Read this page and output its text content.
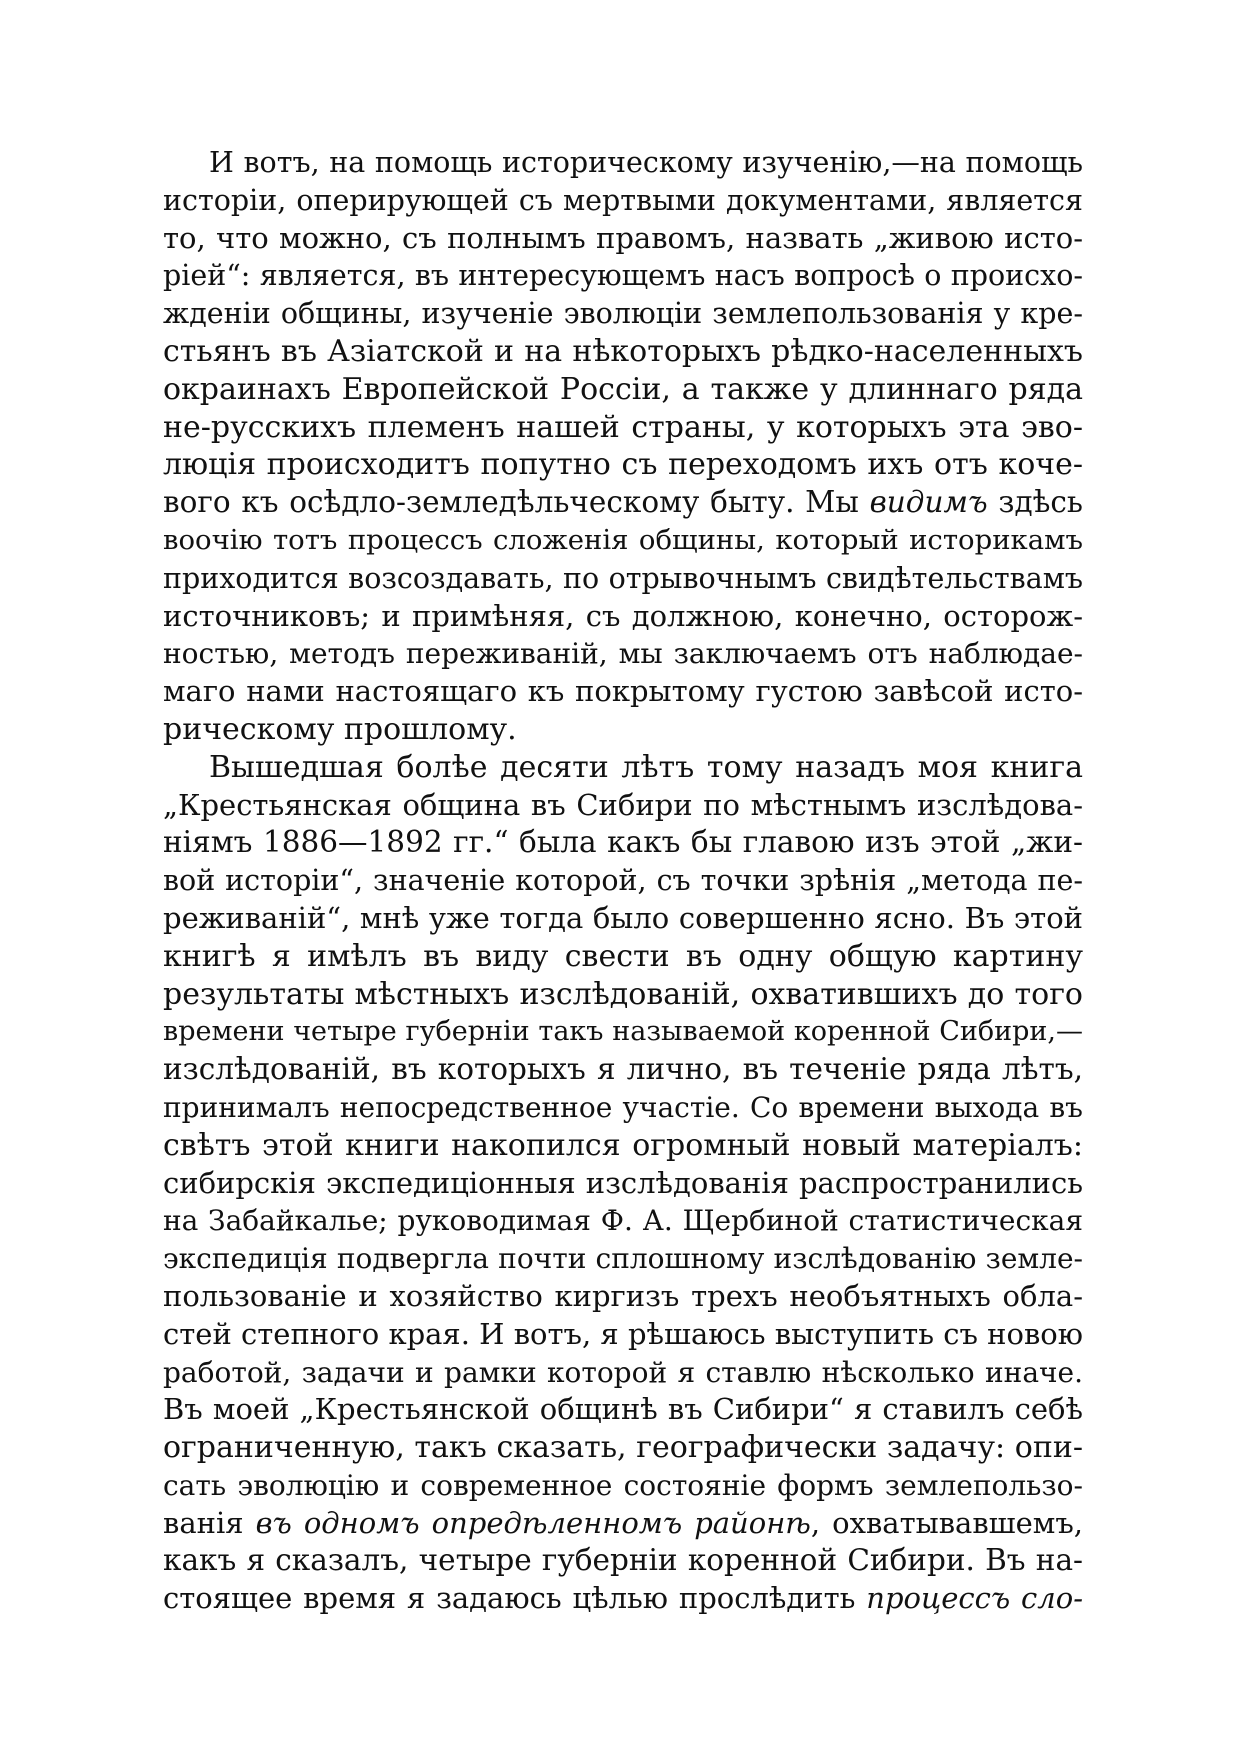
И вотъ, на помощь историческому изученію,—на помощь
исторіи, оперирующей съ мертвыми документами, является
то, что можно, съ полнымъ правомъ, назвать „живою исто-
ріей“: является, въ интересующемъ насъ вопросѣ о происхо-
жденіи общины, изученіе эволюціи землепользованія у кре-
стьянъ въ Азіатской и на нѣкоторыхъ рѣдко-населенныхъ
окраинахъ Европейской Россіи, а также у длиннаго ряда
не-русскихъ племенъ нашей страны, у которыхъ эта эво-
люція происходитъ попутно съ переходомъ ихъ отъ коче-
вого къ осѣдло-земледѣльческому быту. Мы видимъ здѣсь
воочію тотъ процессъ сложенія общины, который историкамъ
приходится возсоздавать, по отрывочнымъ свидѣтельствамъ
источниковъ; и примѣняя, съ должною, конечно, осторож-
ностью, методъ переживаній, мы заключаемъ отъ наблюдае-
маго нами настоящаго къ покрытому густою завѣсой исто-
рическому прошлому.
Вышедшая болѣе десяти лѣтъ тому назадъ моя книга
„Крестьянская община въ Сибири по мѣстнымъ изслѣдова-
ніямъ 1886—1892 гг.“ была какъ бы главою изъ этой „жи-
вой исторіи“, значеніе которой, съ точки зрѣнія „метода пе-
реживаній“, мнѣ уже тогда было совершенно ясно. Въ этой
книгѣ я имѣлъ въ виду свести въ одну общую картину
результаты мѣстныхъ изслѣдованій, охватившихъ до того
времени четыре губерніи такъ называемой коренной Сибири,—
изслѣдованій, въ которыхъ я лично, въ теченіе ряда лѣтъ,
принималъ непосредственное участіе. Со времени выхода въ
свѣтъ этой книги накопился огромный новый матеріалъ:
сибирскія экспедиціонныя изслѣдованія распространились
на Забайкалье; руководимая Ф. А. Щербиной статистическая
экспедиція подвергла почти сплошному изслѣдованію земле-
пользованіе и хозяйство киргизъ трехъ необъятныхъ обла-
стей степного края. И вотъ, я рѣшаюсь выступить съ новою
работой, задачи и рамки которой я ставлю нѣсколько иначе.
Въ моей „Крестьянской общинѣ въ Сибири“ я ставилъ себѣ
ограниченную, такъ сказать, географически задачу: опи-
сать эволюцію и современное состояніе формъ землепользо-
ванія въ одномъ опредѣленномъ районѣ, охватывавшемъ,
какъ я сказалъ, четыре губерніи коренной Сибири. Въ на-
стоящее время я задаюсь цѣлью прослѣдить процессъ сло-
